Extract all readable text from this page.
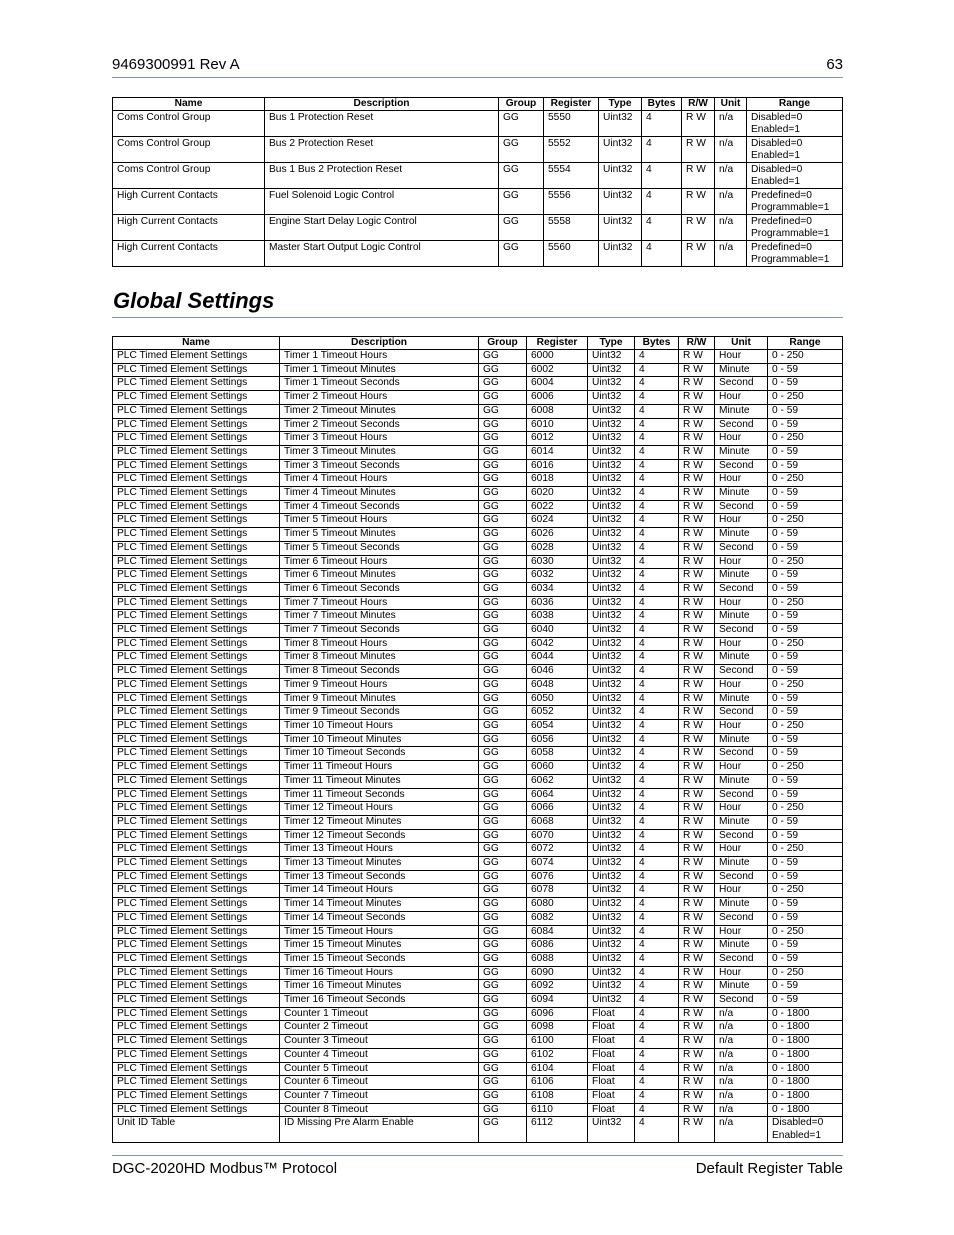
9469300991 Rev A	63
Name	Description	Group	Register	Type	Bytes	R/W	Unit	Range
Coms Control Group	Bus 1 Protection Reset	GG	5550	Uint32	4	R W	n/a	Disabled=0
Enabled=1

Coms Control Group	Bus 2 Protection Reset	GG	5552	Uint32	4	R W	n/a	Disabled=0
Enabled=1

Coms Control Group	Bus 1 Bus 2 Protection Reset	GG	5554	Uint32	4	R W	n/a	Disabled=0
Enabled=1

High Current Contacts	Fuel Solenoid Logic Control	GG	5556	Uint32	4	R W	n/a	Predefined=0
Programmable=1

High Current Contacts	Engine Start Delay Logic Control	GG	5558	Uint32	4	R W	n/a	Predefined=0
Programmable=1

High Current Contacts	Master Start Output Logic Control	GG	5560	Uint32	4	R W	n/a	Predefined=0
Programmable=1
Global Settings
Name	Description	Group	Register	Type	Bytes	R/W	Unit	Range
PLC Timed Element Settings	Timer 1 Timeout Hours	GG	6000	Uint32	4	R W	Hour	0 - 250
PLC Timed Element Settings	Timer 1 Timeout Minutes	GG	6002	Uint32	4	R W	Minute	0 - 59
PLC Timed Element Settings	Timer 1 Timeout Seconds	GG	6004	Uint32	4	R W	Second	0 - 59
PLC Timed Element Settings	Timer 2 Timeout Hours	GG	6006	Uint32	4	R W	Hour	0 - 250
PLC Timed Element Settings	Timer 2 Timeout Minutes	GG	6008	Uint32	4	R W	Minute	0 - 59
PLC Timed Element Settings	Timer 2 Timeout Seconds	GG	6010	Uint32	4	R W	Second	0 - 59
PLC Timed Element Settings	Timer 3 Timeout Hours	GG	6012	Uint32	4	R W	Hour	0 - 250
PLC Timed Element Settings	Timer 3 Timeout Minutes	GG	6014	Uint32	4	R W	Minute	0 - 59
PLC Timed Element Settings	Timer 3 Timeout Seconds	GG	6016	Uint32	4	R W	Second	0 - 59
PLC Timed Element Settings	Timer 4 Timeout Hours	GG	6018	Uint32	4	R W	Hour	0 - 250
PLC Timed Element Settings	Timer 4 Timeout Minutes	GG	6020	Uint32	4	R W	Minute	0 - 59
PLC Timed Element Settings	Timer 4 Timeout Seconds	GG	6022	Uint32	4	R W	Second	0 - 59
PLC Timed Element Settings	Timer 5 Timeout Hours	GG	6024	Uint32	4	R W	Hour	0 - 250
PLC Timed Element Settings	Timer 5 Timeout Minutes	GG	6026	Uint32	4	R W	Minute	0 - 59
PLC Timed Element Settings	Timer 5 Timeout Seconds	GG	6028	Uint32	4	R W	Second	0 - 59
PLC Timed Element Settings	Timer 6 Timeout Hours	GG	6030	Uint32	4	R W	Hour	0 - 250
PLC Timed Element Settings	Timer 6 Timeout Minutes	GG	6032	Uint32	4	R W	Minute	0 - 59
PLC Timed Element Settings	Timer 6 Timeout Seconds	GG	6034	Uint32	4	R W	Second	0 - 59
PLC Timed Element Settings	Timer 7 Timeout Hours	GG	6036	Uint32	4	R W	Hour	0 - 250
PLC Timed Element Settings	Timer 7 Timeout Minutes	GG	6038	Uint32	4	R W	Minute	0 - 59
PLC Timed Element Settings	Timer 7 Timeout Seconds	GG	6040	Uint32	4	R W	Second	0 - 59
PLC Timed Element Settings	Timer 8 Timeout Hours	GG	6042	Uint32	4	R W	Hour	0 - 250
PLC Timed Element Settings	Timer 8 Timeout Minutes	GG	6044	Uint32	4	R W	Minute	0 - 59
PLC Timed Element Settings	Timer 8 Timeout Seconds	GG	6046	Uint32	4	R W	Second	0 - 59
PLC Timed Element Settings	Timer 9 Timeout Hours	GG	6048	Uint32	4	R W	Hour	0 - 250
PLC Timed Element Settings	Timer 9 Timeout Minutes	GG	6050	Uint32	4	R W	Minute	0 - 59
PLC Timed Element Settings	Timer 9 Timeout Seconds	GG	6052	Uint32	4	R W	Second	0 - 59
PLC Timed Element Settings	Timer 10 Timeout Hours	GG	6054	Uint32	4	R W	Hour	0 - 250
PLC Timed Element Settings	Timer 10 Timeout Minutes	GG	6056	Uint32	4	R W	Minute	0 - 59
PLC Timed Element Settings	Timer 10 Timeout Seconds	GG	6058	Uint32	4	R W	Second	0 - 59
PLC Timed Element Settings	Timer 11 Timeout Hours	GG	6060	Uint32	4	R W	Hour	0 - 250
PLC Timed Element Settings	Timer 11 Timeout Minutes	GG	6062	Uint32	4	R W	Minute	0 - 59
PLC Timed Element Settings	Timer 11 Timeout Seconds	GG	6064	Uint32	4	R W	Second	0 - 59
PLC Timed Element Settings	Timer 12 Timeout Hours	GG	6066	Uint32	4	R W	Hour	0 - 250
PLC Timed Element Settings	Timer 12 Timeout Minutes	GG	6068	Uint32	4	R W	Minute	0 - 59
PLC Timed Element Settings	Timer 12 Timeout Seconds	GG	6070	Uint32	4	R W	Second	0 - 59
PLC Timed Element Settings	Timer 13 Timeout Hours	GG	6072	Uint32	4	R W	Hour	0 - 250
PLC Timed Element Settings	Timer 13 Timeout Minutes	GG	6074	Uint32	4	R W	Minute	0 - 59
PLC Timed Element Settings	Timer 13 Timeout Seconds	GG	6076	Uint32	4	R W	Second	0 - 59
PLC Timed Element Settings	Timer 14 Timeout Hours	GG	6078	Uint32	4	R W	Hour	0 - 250
PLC Timed Element Settings	Timer 14 Timeout Minutes	GG	6080	Uint32	4	R W	Minute	0 - 59
PLC Timed Element Settings	Timer 14 Timeout Seconds	GG	6082	Uint32	4	R W	Second	0 - 59
PLC Timed Element Settings	Timer 15 Timeout Hours	GG	6084	Uint32	4	R W	Hour	0 - 250
PLC Timed Element Settings	Timer 15 Timeout Minutes	GG	6086	Uint32	4	R W	Minute	0 - 59
PLC Timed Element Settings	Timer 15 Timeout Seconds	GG	6088	Uint32	4	R W	Second	0 - 59
PLC Timed Element Settings	Timer 16 Timeout Hours	GG	6090	Uint32	4	R W	Hour	0 - 250
PLC Timed Element Settings	Timer 16 Timeout Minutes	GG	6092	Uint32	4	R W	Minute	0 - 59
PLC Timed Element Settings	Timer 16 Timeout Seconds	GG	6094	Uint32	4	R W	Second	0 - 59
PLC Timed Element Settings	Counter 1 Timeout	GG	6096	Float	4	R W	n/a	0 - 1800
PLC Timed Element Settings	Counter 2 Timeout	GG	6098	Float	4	R W	n/a	0 - 1800
PLC Timed Element Settings	Counter 3 Timeout	GG	6100	Float	4	R W	n/a	0 - 1800
PLC Timed Element Settings	Counter 4 Timeout	GG	6102	Float	4	R W	n/a	0 - 1800
PLC Timed Element Settings	Counter 5 Timeout	GG	6104	Float	4	R W	n/a	0 - 1800
PLC Timed Element Settings	Counter 6 Timeout	GG	6106	Float	4	R W	n/a	0 - 1800
PLC Timed Element Settings	Counter 7 Timeout	GG	6108	Float	4	R W	n/a	0 - 1800
PLC Timed Element Settings	Counter 8 Timeout	GG	6110	Float	4	R W	n/a	0 - 1800
Unit ID Table	ID Missing Pre Alarm Enable	GG	6112	Uint32	4	R W	n/a	Disabled=0
Enabled=1
DGC-2020HD Modbus™ Protocol	Default Register Table
